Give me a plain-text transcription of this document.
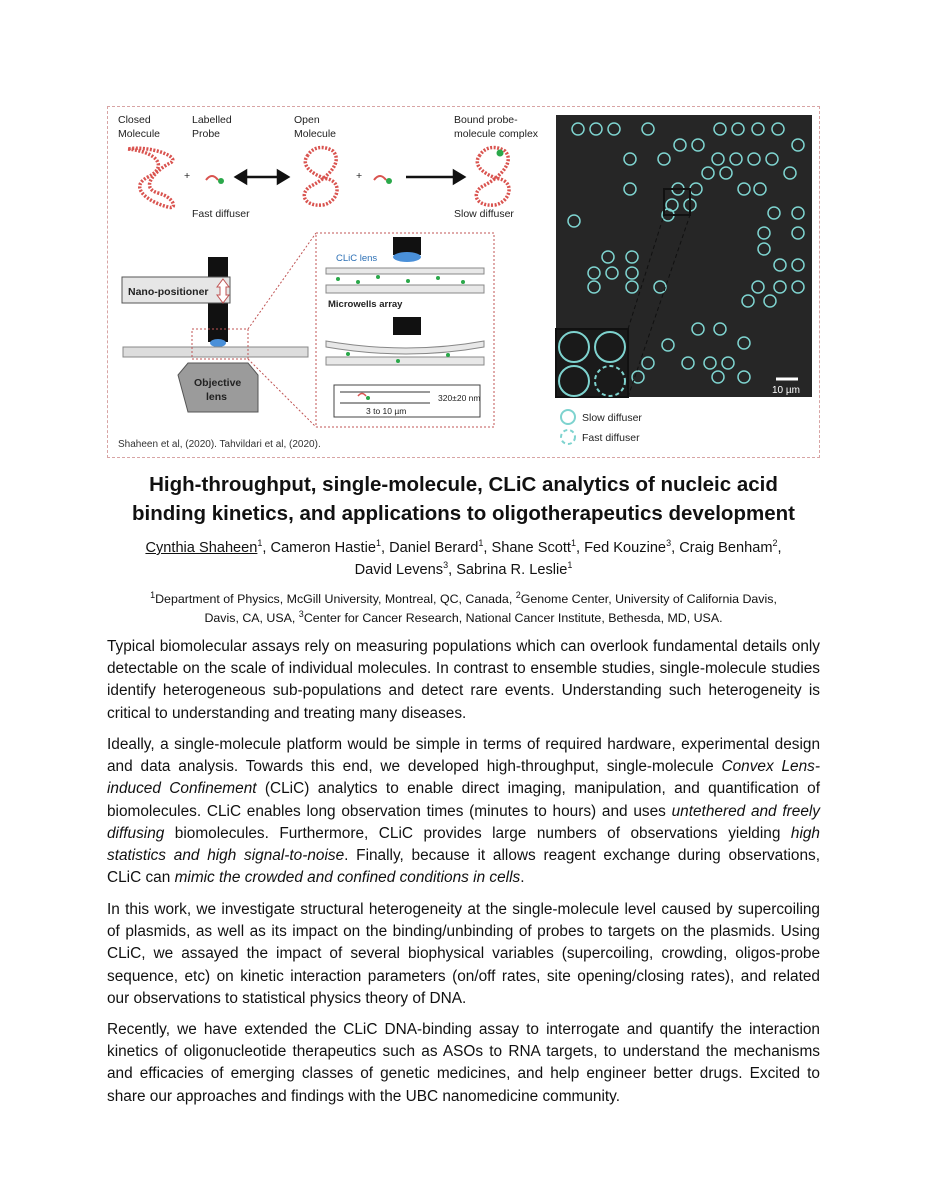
Closed
Molecule
Labelled
Probe
Open
Molecule
Bound probe-
molecule complex
Fast diffuser	Slow diffuser
+	+
Nano-positioner
Objective
lens
CLiC lens
Microwells array
320±20 nm
3 to 10 µm
Shaheen et al, (2020). Tahvildari et al, (2020).
10 µm
Slow diffuser
Fast diffuser
High-throughput, single-molecule, CLiC analytics of nucleic acid
binding kinetics, and applications to oligotherapeutics development
Cynthia Shaheen$^1$, Cameron Hastie$^1$, Daniel Berard$^1$, Shane Scott$^1$, Fed Kouzine$^3$, Craig Benham$^2$,
David Levens$^3$, Sabrina R. Leslie$^1$
$^1$Department of Physics, McGill University, Montreal, QC, Canada, $^2$Genome Center, University of California Davis,
Davis, CA, USA, $^3$Center for Cancer Research, National Cancer Institute, Bethesda, MD, USA.

Typical biomolecular assays rely on measuring populations which can overlook fundamental details only detectable on the scale of individual molecules. In contrast to ensemble studies, single-molecule studies identify heterogeneous sub-populations and detect rare events. Understanding such heterogeneity is critical to understanding and treating many diseases.

Ideally, a single-molecule platform would be simple in terms of required hardware, experimental design and data analysis. Towards this end, we developed high-throughput, single-molecule Convex Lens-induced Confinement (CLiC) analytics to enable direct imaging, manipulation, and quantification of biomolecules. CLiC enables long observation times (minutes to hours) and uses untethered and freely diffusing biomolecules. Furthermore, CLiC provides large numbers of observations yielding high statistics and high signal-to-noise. Finally, because it allows reagent exchange during observations, CLiC can mimic the crowded and confined conditions in cells.

In this work, we investigate structural heterogeneity at the single-molecule level caused by supercoiling of plasmids, as well as its impact on the binding/unbinding of probes to targets on the plasmids. Using CLiC, we assayed the impact of several biophysical variables (supercoiling, crowding, oligos-probe sequence, etc) on kinetic interaction parameters (on/off rates, site opening/closing rates), and related our observations to statistical physics theory of DNA.

Recently, we have extended the CLiC DNA-binding assay to interrogate and quantify the interaction kinetics of oligonucleotide therapeutics such as ASOs to RNA targets, to understand the mechanisms and efficacies of emerging classes of genetic medicines, and help engineer better drugs. Excited to share our approaches and findings with the UBC nanomedicine community.
